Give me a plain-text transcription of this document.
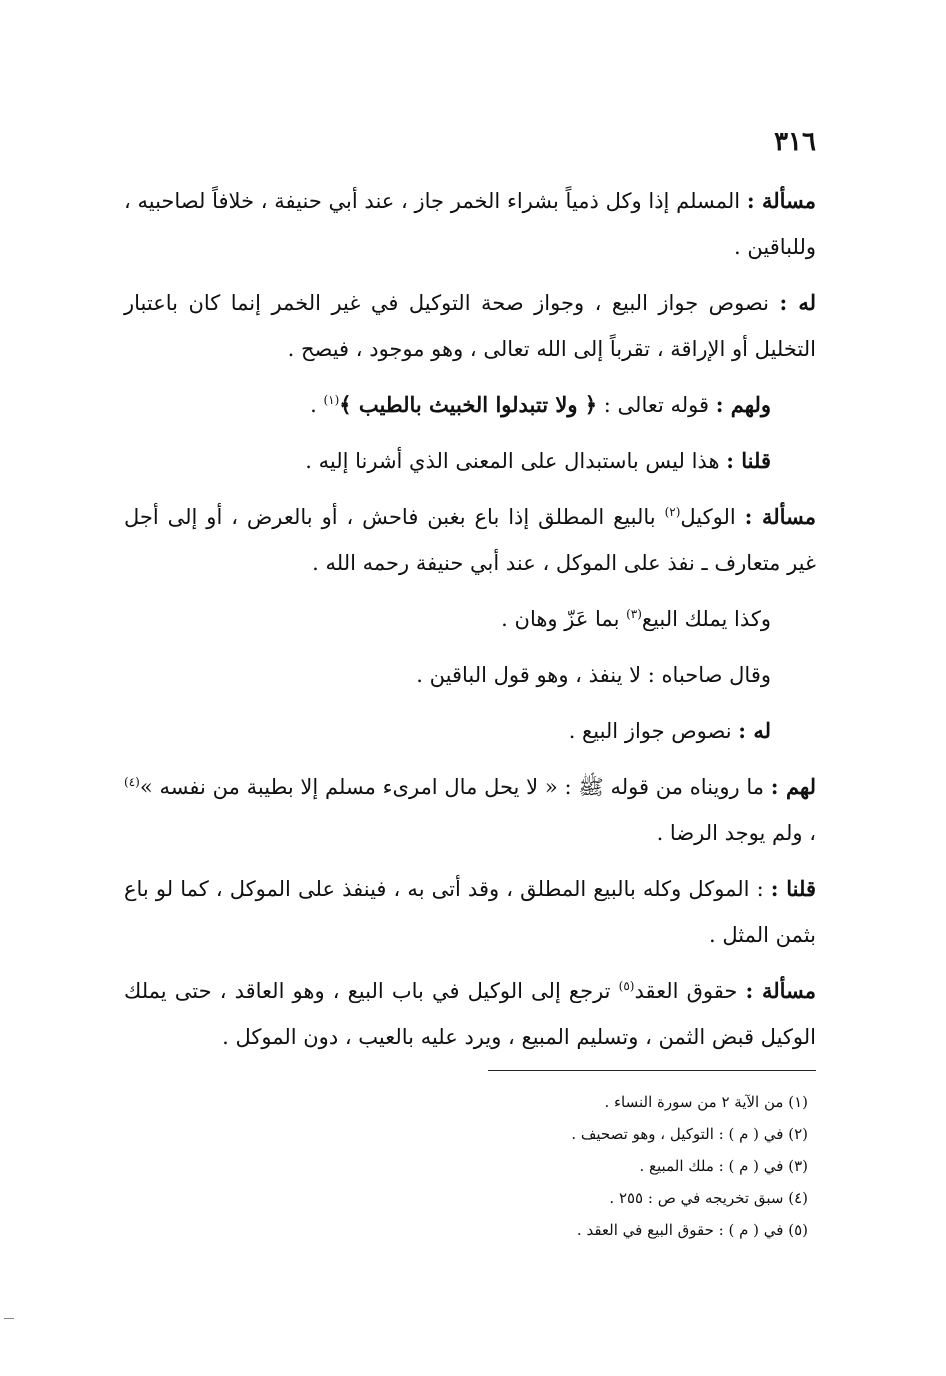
٣١٦

مسألة : المسلم إذا وكل ذمياً بشراء الخمر جاز ، عند أبي حنيفة ، خلافاً لصاحبيه ، وللباقين .

له : نصوص جواز البيع ، وجواز صحة التوكيل في غير الخمر إنما كان باعتبار التخليل أو الإراقة ، تقرباً إلى الله تعالى ، وهو موجود ، فيصح .

ولهم : قوله تعالى : ﴿ ولا تتبدلوا الخبيث بالطيب ﴾$^{(١)}$ .

قلنا : هذا ليس باستبدال على المعنى الذي أشرنا إليه .

مسألة : الوكيل$^{(٢)}$ بالبيع المطلق إذا باع بغبن فاحش ، أو بالعرض ، أو إلى أجل غير متعارف ـ نفذ على الموكل ، عند أبي حنيفة رحمه الله .

وكذا يملك البيع$^{(٣)}$ بما عَزّ وهان .

وقال صاحباه : لا ينفذ ، وهو قول الباقين .

له : نصوص جواز البيع .

لهم : ما رويناه من قوله ﷺ : « لا يحل مال امرىء مسلم إلا بطيبة من نفسه »$^{(٤)}$ ، ولم يوجد الرضا .

قلنا : : الموكل وكله بالبيع المطلق ، وقد أتى به ، فينفذ على الموكل ، كما لو باع بثمن المثل .

مسألة : حقوق العقد$^{(٥)}$ ترجع إلى الوكيل في باب البيع ، وهو العاقد ، حتى يملك الوكيل قبض الثمن ، وتسليم المبيع ، ويرد عليه بالعيب ، دون الموكل .

(١) من الآية ٢ من سورة النساء .

(٢) في ( م ) : التوكيل ، وهو تصحيف .

(٣) في ( م ) : ملك المبيع .

(٤) سبق تخريجه في ص : ٢٥٥ .

(٥) في ( م ) : حقوق البيع في العقد .
